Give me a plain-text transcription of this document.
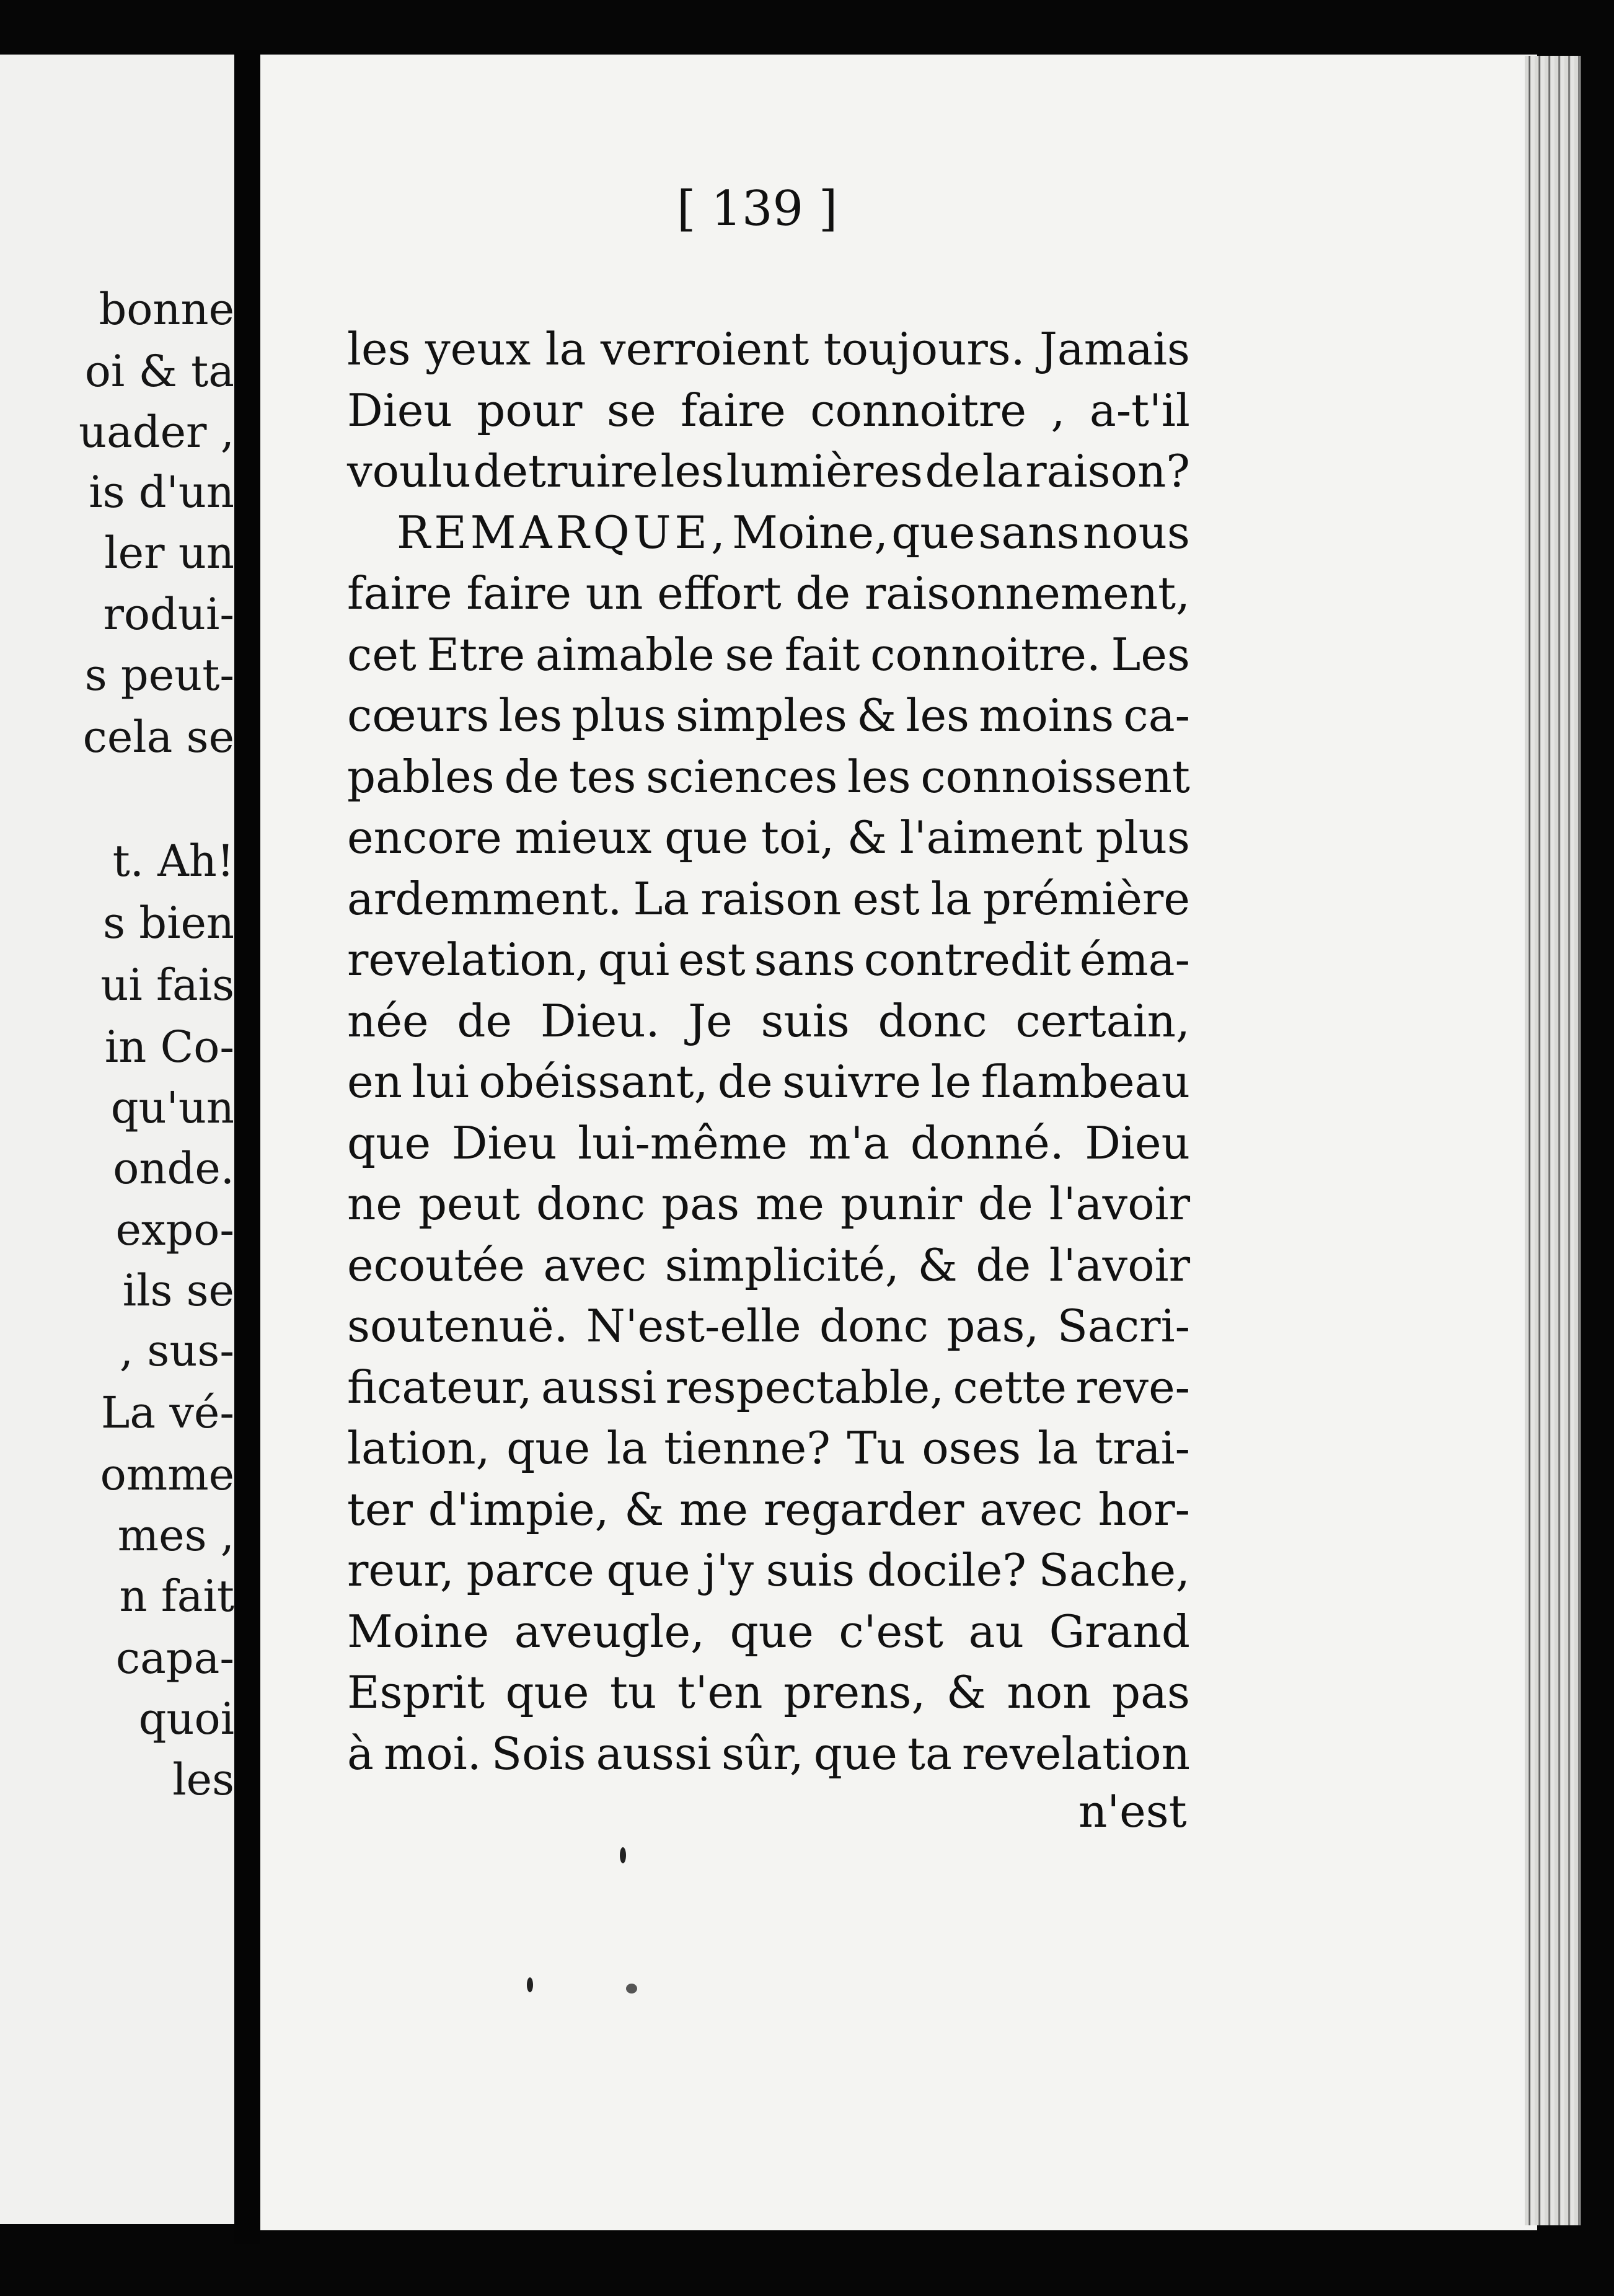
bonne
oi & ta
uader ,
is d'un
ler un
rodui-
s peut-
cela se
t. Ah!
s bien
ui fais
in Co-
qu'un
onde.
expo-
ils se
, sus-
La vé-
omme
mes ,
n fait
capa-
quoi
les
[ 139 ]
les yeux la verroient toujours. Jamais
Dieu pour se faire connoitre , a-t'il
voulu detruire les lumières de la raison?
REMARQUE, Moine, que sans nous
faire faire un effort de raisonnement,
cet Etre aimable se fait connoitre. Les
cœurs les plus simples & les moins ca-
pables de tes sciences les connoissent
encore mieux que toi, & l'aiment plus
ardemment. La raison est la prémière
revelation, qui est sans contredit éma-
née de Dieu. Je suis donc certain,
en lui obéissant, de suivre le flambeau
que Dieu lui-même m'a donné. Dieu
ne peut donc pas me punir de l'avoir
ecoutée avec simplicité, & de l'avoir
soutenuë. N'est-elle donc pas, Sacri-
ficateur, aussi respectable, cette reve-
lation, que la tienne? Tu oses la trai-
ter d'impie, & me regarder avec hor-
reur, parce que j'y suis docile? Sache,
Moine aveugle, que c'est au Grand
Esprit que tu t'en prens, & non pas
à moi. Sois aussi sûr, que ta revelation
n'est
